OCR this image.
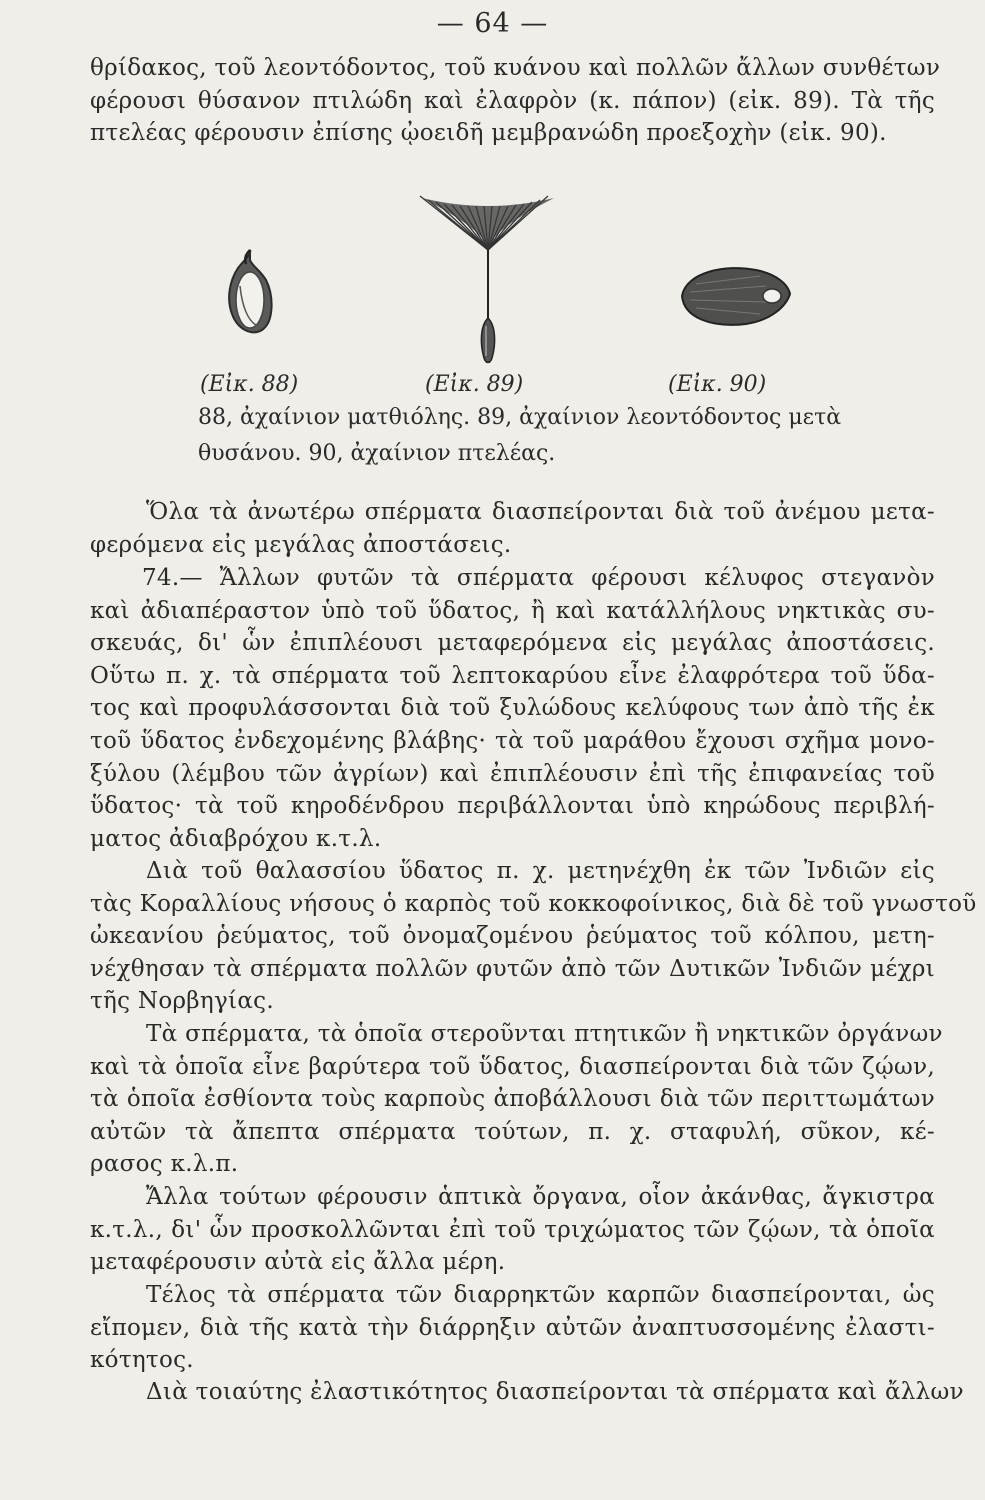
— 64 —
θρίδακος, τοῦ λεοντόδοντος, τοῦ κυάνου καὶ πολλῶν ἄλλων συνθέτων
φέρουσι θύσανον πτιλώδη καὶ ἐλαφρὸν (κ. πάπον) (εἰκ. 89). Τὰ τῆς
πτελέας φέρουσιν ἐπίσης ᾠοειδῆ μεμβρανώδη προεξοχὴν (εἰκ. 90).
(Εἰκ. 88)	(Εἰκ. 89)	(Εἰκ. 90)
88, ἀχαίνιον ματθιόλης. 89, ἀχαίνιον λεοντόδοντος μετὰ
θυσάνου. 90, ἀχαίνιον πτελέας.
Ὅλα τὰ ἀνωτέρω σπέρματα διασπείρονται διὰ τοῦ ἀνέμου μετα-
φερόμενα εἰς μεγάλας ἀποστάσεις.
74.— Ἄλλων φυτῶν τὰ σπέρματα φέρουσι κέλυφος στεγανὸν
καὶ ἀδιαπέραστον ὑπὸ τοῦ ὕδατος, ἢ καὶ κατάλλήλους νηκτικὰς συ-
σκευάς, δι' ὧν ἐπιπλέουσι μεταφερόμενα εἰς μεγάλας ἀποστάσεις.
Οὕτω π. χ. τὰ σπέρματα τοῦ λεπτοκαρύου εἶνε ἐλαφρότερα τοῦ ὕδα-
τος καὶ προφυλάσσονται διὰ τοῦ ξυλώδους κελύφους των ἀπὸ τῆς ἐκ
τοῦ ὕδατος ἐνδεχομένης βλάβης· τὰ τοῦ μαράθου ἔχουσι σχῆμα μονο-
ξύλου (λέμβου τῶν ἀγρίων) καὶ ἐπιπλέουσιν ἐπὶ τῆς ἐπιφανείας τοῦ
ὕδατος· τὰ τοῦ κηροδένδρου περιβάλλονται ὑπὸ κηρώδους περιβλή-
ματος ἀδιαβρόχου κ.τ.λ.
Διὰ τοῦ θαλασσίου ὕδατος π. χ. μετηνέχθη ἐκ τῶν Ἰνδιῶν εἰς
τὰς Κοραλλίους νήσους ὁ καρπὸς τοῦ κοκκοφοίνικος, διὰ δὲ τοῦ γνωστοῦ
ὠκεανίου ῥεύματος, τοῦ ὀνομαζομένου ῥεύματος τοῦ κόλπου, μετη-
νέχθησαν τὰ σπέρματα πολλῶν φυτῶν ἀπὸ τῶν Δυτικῶν Ἰνδιῶν μέχρι
τῆς Νορβηγίας.
Τὰ σπέρματα, τὰ ὁποῖα στεροῦνται πτητικῶν ἢ νηκτικῶν ὀργάνων
καὶ τὰ ὁποῖα εἶνε βαρύτερα τοῦ ὕδατος, διασπείρονται διὰ τῶν ζῴων,
τὰ ὁποῖα ἐσθίοντα τοὺς καρποὺς ἀποβάλλουσι διὰ τῶν περιττωμάτων
αὐτῶν τὰ ἄπεπτα σπέρματα τούτων, π. χ. σταφυλή, σῦκον, κέ-
ρασος κ.λ.π.
Ἄλλα τούτων φέρουσιν ἁπτικὰ ὄργανα, οἷον ἀκάνθας, ἄγκιστρα
κ.τ.λ., δι' ὧν προσκολλῶνται ἐπὶ τοῦ τριχώματος τῶν ζῴων, τὰ ὁποῖα
μεταφέρουσιν αὐτὰ εἰς ἄλλα μέρη.
Τέλος τὰ σπέρματα τῶν διαρρηκτῶν καρπῶν διασπείρονται, ὡς
εἴπομεν, διὰ τῆς κατὰ τὴν διάρρηξιν αὐτῶν ἀναπτυσσομένης ἐλαστι-
κότητος.
Διὰ τοιαύτης ἐλαστικότητος διασπείρονται τὰ σπέρματα καὶ ἄλλων
